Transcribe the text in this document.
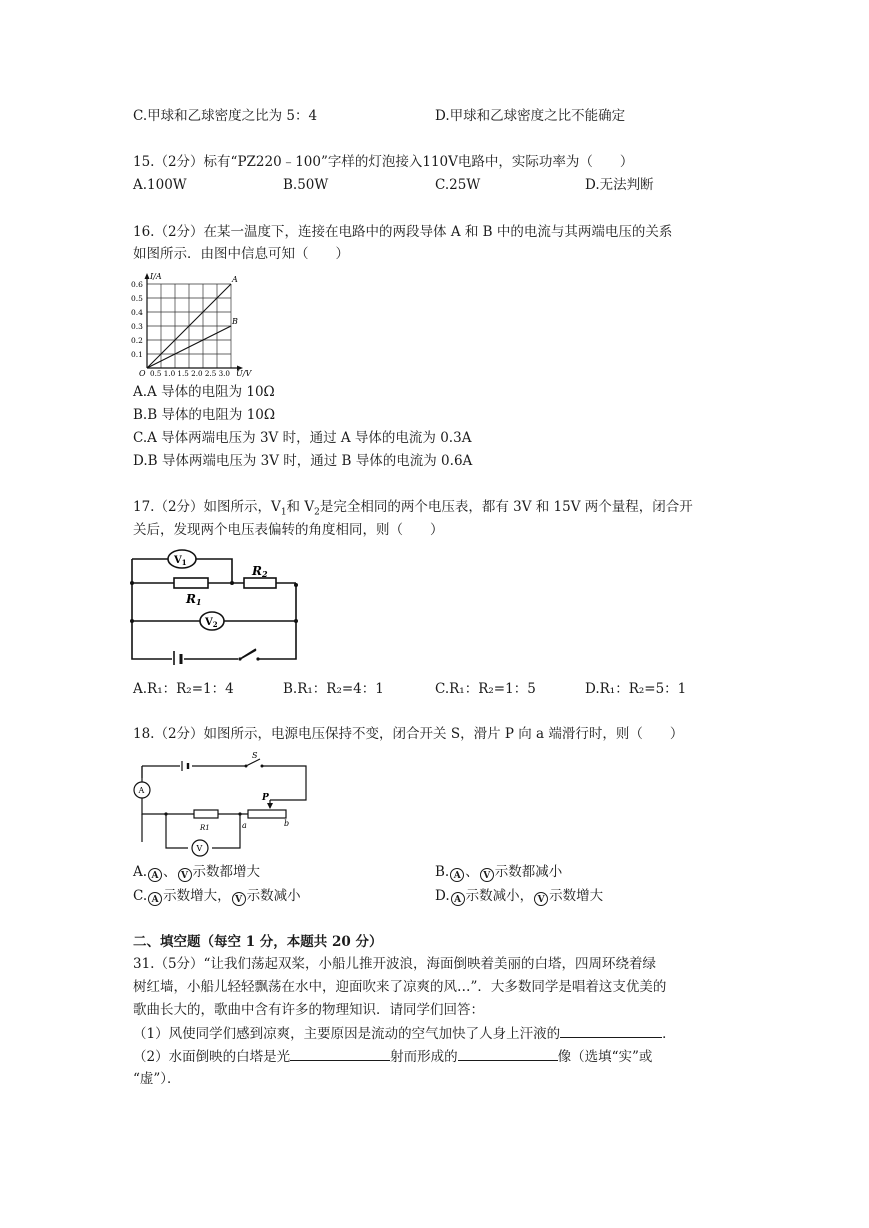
C.甲球和乙球密度之比为 5：4	D.甲球和乙球密度之比不能确定
15.（2分）标有“PZ220﹣100”字样的灯泡接入110V电路中，实际功率为（　　）
A.100W	B.50W	C.25W	D.无法判断
16.（2分）在某一温度下，连接在电路中的两段导体 A 和 B 中的电流与其两端电压的关系
如图所示．由图中信息可知（　　）
I/A
U/V
O
0.6
0.5
0.4
0.3
0.2
0.1
0.5 1.0 1.5 2.0 2.5 3.0
A
B
A.A 导体的电阻为 10Ω
B.B 导体的电阻为 10Ω
C.A 导体两端电压为 3V 时，通过 A 导体的电流为 0.3A
D.B 导体两端电压为 3V 时，通过 B 导体的电流为 0.6A
17.（2分）如图所示，$V_1$和 $V_2$是完全相同的两个电压表，都有 3V 和 15V 两个量程，闭合开
关后，发现两个电压表偏转的角度相同，则（　　）
$V_1$
$V_2$
R1
R2
A.R₁：R₂=1：4	B.R₁：R₂=4：1	C.R₁：R₂=1：5	D.R₁：R₂=5：1
18.（2分）如图所示，电源电压保持不变，闭合开关 S，滑片 P 向 a 端滑行时，则（　　）
S
A
V
R1
P
a	b
A. A 、 V 示数都增大	B. A 、 V 示数都减小
C. A 示数增大， V 示数减小	D. A 示数减小， V 示数增大
二、填空题（每空 1 分，本题共 20 分）
31.（5分）“让我们荡起双桨，小船儿推开波浪，海面倒映着美丽的白塔，四周环绕着绿
树红墙，小船儿轻轻飘荡在水中，迎面吹来了凉爽的风…”．大多数同学是唱着这支优美的
歌曲长大的，歌曲中含有许多的物理知识．请同学们回答：
（1）风使同学们感到凉爽，主要原因是流动的空气加快了人身上汗液的	．
（2）水面倒映的白塔是光	射而形成的	像（选填“实”或
“虚”）．
